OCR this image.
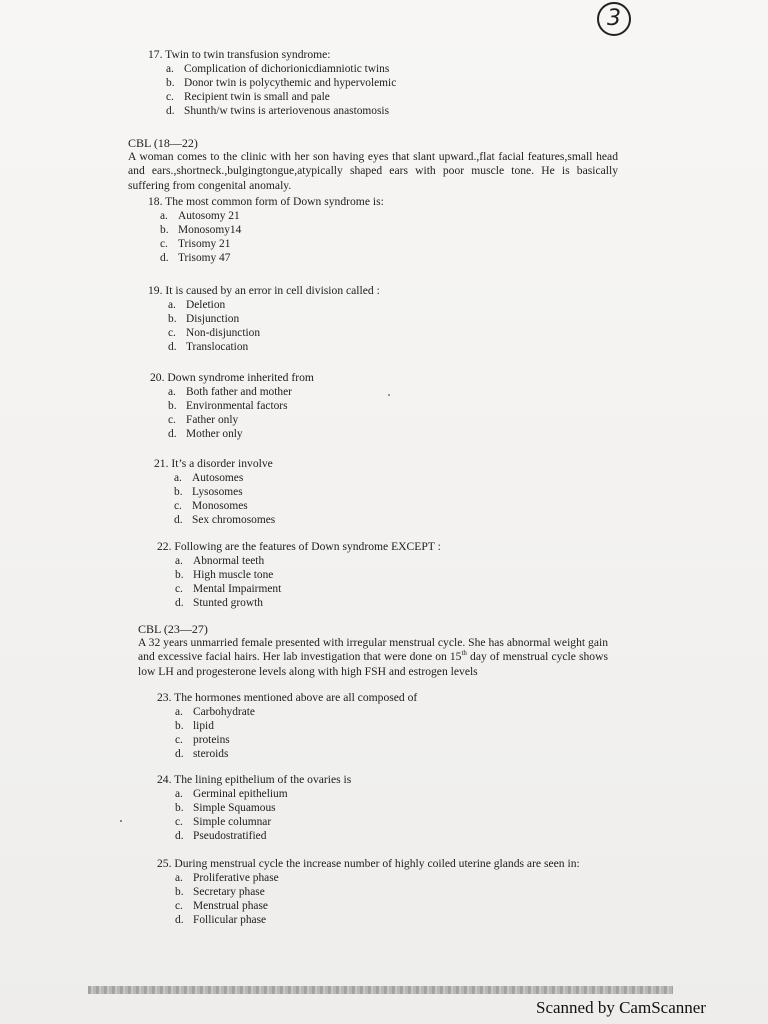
3
17. Twin to twin transfusion syndrome:
a. Complication of dichorionicdiamniotic twins
b. Donor twin is polycythemic and hypervolemic
c. Recipient twin is small and pale
d. Shunth/w twins is arteriovenous anastomosis
CBL (18—22)
A woman comes to the clinic with her son having eyes that slant upward.,flat facial features,small head and ears.,shortneck.,bulgingtongue,atypically shaped ears with poor muscle tone. He is basically suffering from congenital anomaly.
18. The most common form of Down syndrome is:
a. Autosomy 21
b. Monosomy14
c. Trisomy 21
d. Trisomy 47
19. It is caused by an error in cell division called :
a. Deletion
b. Disjunction
c. Non-disjunction
d. Translocation
20. Down syndrome inherited from
a. Both father and mother
b. Environmental factors
c. Father only
d. Mother only
21. It’s a disorder involve
a. Autosomes
b. Lysosomes
c. Monosomes
d. Sex chromosomes
22. Following are the features of Down syndrome EXCEPT :
a. Abnormal teeth
b. High muscle tone
c. Mental Impairment
d. Stunted growth
CBL (23—27)
A 32 years unmarried female presented with irregular menstrual cycle. She has abnormal weight gain and excessive facial hairs. Her lab investigation that were done on 15th day of menstrual cycle shows low LH and progesterone levels along with high FSH and estrogen levels
23. The hormones mentioned above are all composed of
a. Carbohydrate
b. lipid
c. proteins
d. steroids
24. The lining epithelium of the ovaries is
a. Germinal epithelium
b. Simple Squamous
c. Simple columnar
d. Pseudostratified
25. During menstrual cycle the increase number of highly coiled uterine glands are seen in:
a. Proliferative phase
b. Secretary phase
c. Menstrual phase
d. Follicular phase
Scanned by CamScanner
